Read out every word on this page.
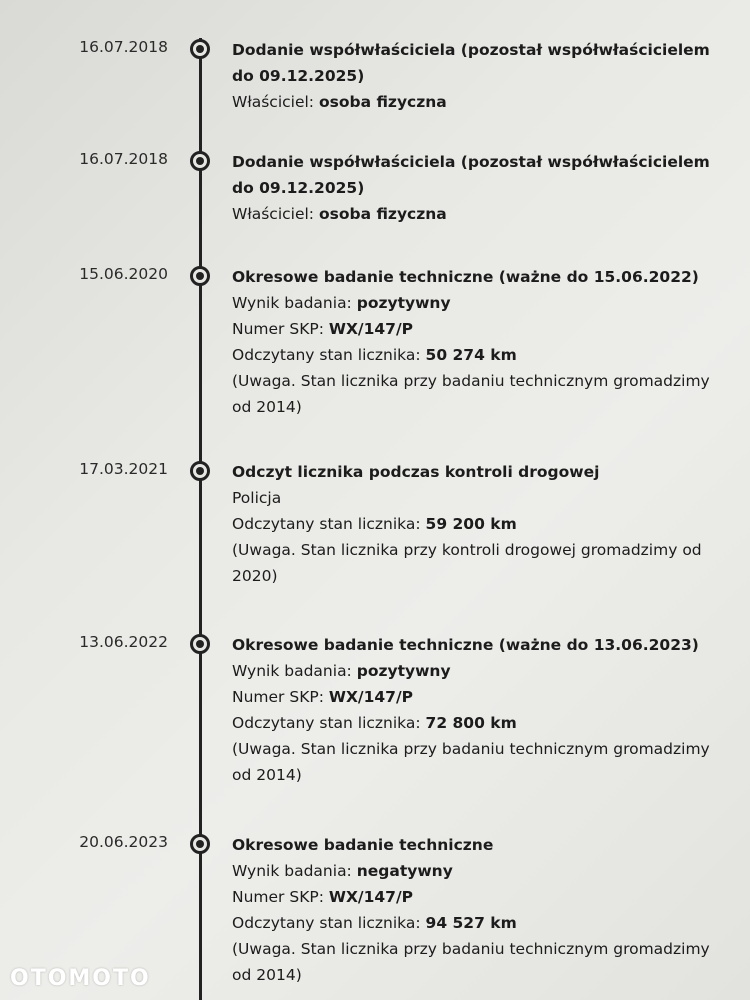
16.07.2018	Dodanie współwłaściciela (pozostał współwłaścicielem do 09.12.2025)
Właściciel: osoba fizyczna
16.07.2018	Dodanie współwłaściciela (pozostał współwłaścicielem do 09.12.2025)
Właściciel: osoba fizyczna
15.06.2020	Okresowe badanie techniczne (ważne do 15.06.2022)
Wynik badania: pozytywny
Numer SKP: WX/147/P
Odczytany stan licznika: 50 274 km
(Uwaga. Stan licznika przy badaniu technicznym gromadzimy od 2014)
17.03.2021	Odczyt licznika podczas kontroli drogowej
Policja
Odczytany stan licznika: 59 200 km
(Uwaga. Stan licznika przy kontroli drogowej gromadzimy od 2020)
13.06.2022	Okresowe badanie techniczne (ważne do 13.06.2023)
Wynik badania: pozytywny
Numer SKP: WX/147/P
Odczytany stan licznika: 72 800 km
(Uwaga. Stan licznika przy badaniu technicznym gromadzimy od 2014)
20.06.2023	Okresowe badanie techniczne
Wynik badania: negatywny
Numer SKP: WX/147/P
Odczytany stan licznika: 94 527 km
(Uwaga. Stan licznika przy badaniu technicznym gromadzimy od 2014)
OTOMOTO
